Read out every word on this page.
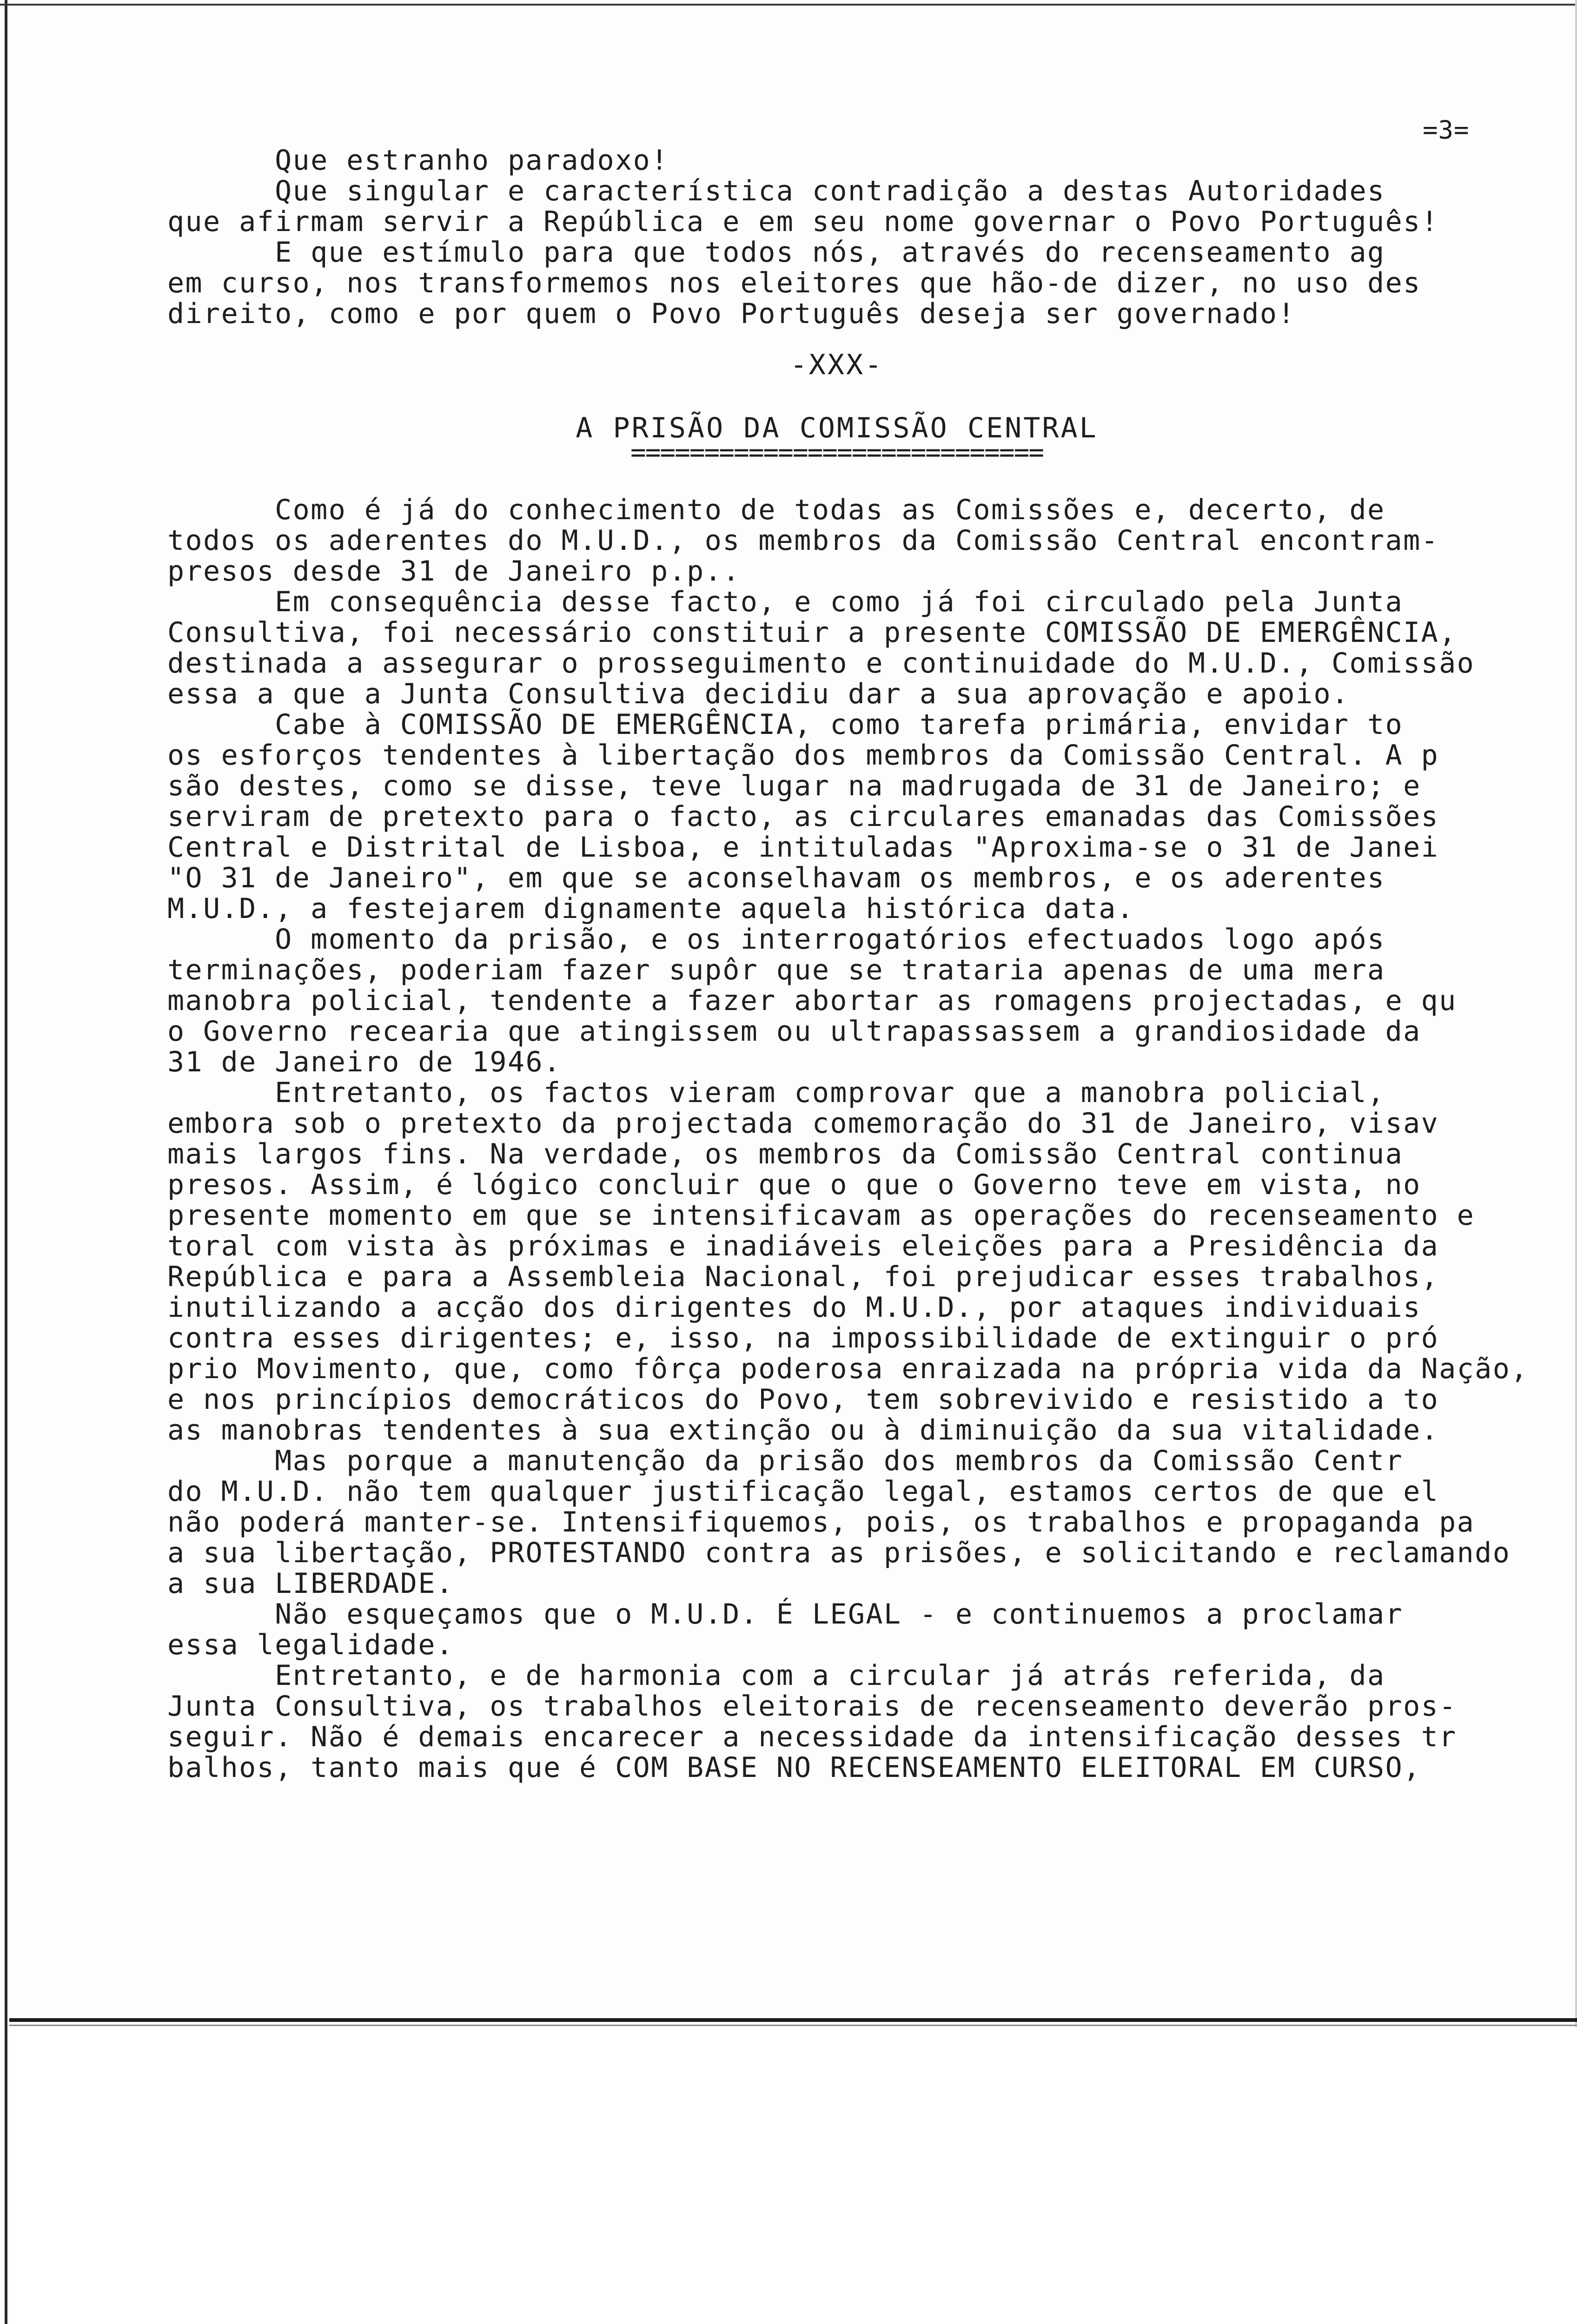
=3=
Que estranho paradoxo!
Que singular e característica contradição a destas Autoridades
que afirmam servir a República e em seu nome governar o Povo Português!
E que estímulo para que todos nós, através do recenseamento ag
em curso, nos transformemos nos eleitores que hão-de dizer, no uso des
direito, como e por quem o Povo Português deseja ser governado!
-XXX-
A PRISÃO DA COMISSÃO CENTRAL
============================
Como é já do conhecimento de todas as Comissões e, decerto, de
todos os aderentes do M.U.D., os membros da Comissão Central encontram-
presos desde 31 de Janeiro p.p..
Em consequência desse facto, e como já foi circulado pela Junta
Consultiva, foi necessário constituir a presente COMISSÃO DE EMERGÊNCIA,
destinada a assegurar o prosseguimento e continuidade do M.U.D., Comissão
essa a que a Junta Consultiva decidiu dar a sua aprovação e apoio.
Cabe à COMISSÃO DE EMERGÊNCIA, como tarefa primária, envidar to
os esforços tendentes à libertação dos membros da Comissão Central. A p
são destes, como se disse, teve lugar na madrugada de 31 de Janeiro; e
serviram de pretexto para o facto, as circulares emanadas das Comissões
Central e Distrital de Lisboa, e intituladas "Aproxima-se o 31 de Janei
"O 31 de Janeiro", em que se aconselhavam os membros, e os aderentes
M.U.D., a festejarem dignamente aquela histórica data.
O momento da prisão, e os interrogatórios efectuados logo após
terminações, poderiam fazer supôr que se trataria apenas de uma mera
manobra policial, tendente a fazer abortar as romagens projectadas, e qu
o Governo recearia que atingissem ou ultrapassassem a grandiosidade da
31 de Janeiro de 1946.
Entretanto, os factos vieram comprovar que a manobra policial,
embora sob o pretexto da projectada comemoração do 31 de Janeiro, visav
mais largos fins. Na verdade, os membros da Comissão Central continua
presos. Assim, é lógico concluir que o que o Governo teve em vista, no
presente momento em que se intensificavam as operações do recenseamento e
toral com vista às próximas e inadiáveis eleições para a Presidência da
República e para a Assembleia Nacional, foi prejudicar esses trabalhos,
inutilizando a acção dos dirigentes do M.U.D., por ataques individuais
contra esses dirigentes; e, isso, na impossibilidade de extinguir o pró
prio Movimento, que, como fôrça poderosa enraizada na própria vida da Nação,
e nos princípios democráticos do Povo, tem sobrevivido e resistido a to
as manobras tendentes à sua extinção ou à diminuição da sua vitalidade.
Mas porque a manutenção da prisão dos membros da Comissão Centr
do M.U.D. não tem qualquer justificação legal, estamos certos de que el
não poderá manter-se. Intensifiquemos, pois, os trabalhos e propaganda pa
a sua libertação, PROTESTANDO contra as prisões, e solicitando e reclamando
a sua LIBERDADE.
Não esqueçamos que o M.U.D. É LEGAL - e continuemos a proclamar
essa legalidade.
Entretanto, e de harmonia com a circular já atrás referida, da
Junta Consultiva, os trabalhos eleitorais de recenseamento deverão pros-
seguir. Não é demais encarecer a necessidade da intensificação desses tr
balhos, tanto mais que é COM BASE NO RECENSEAMENTO ELEITORAL EM CURSO,
